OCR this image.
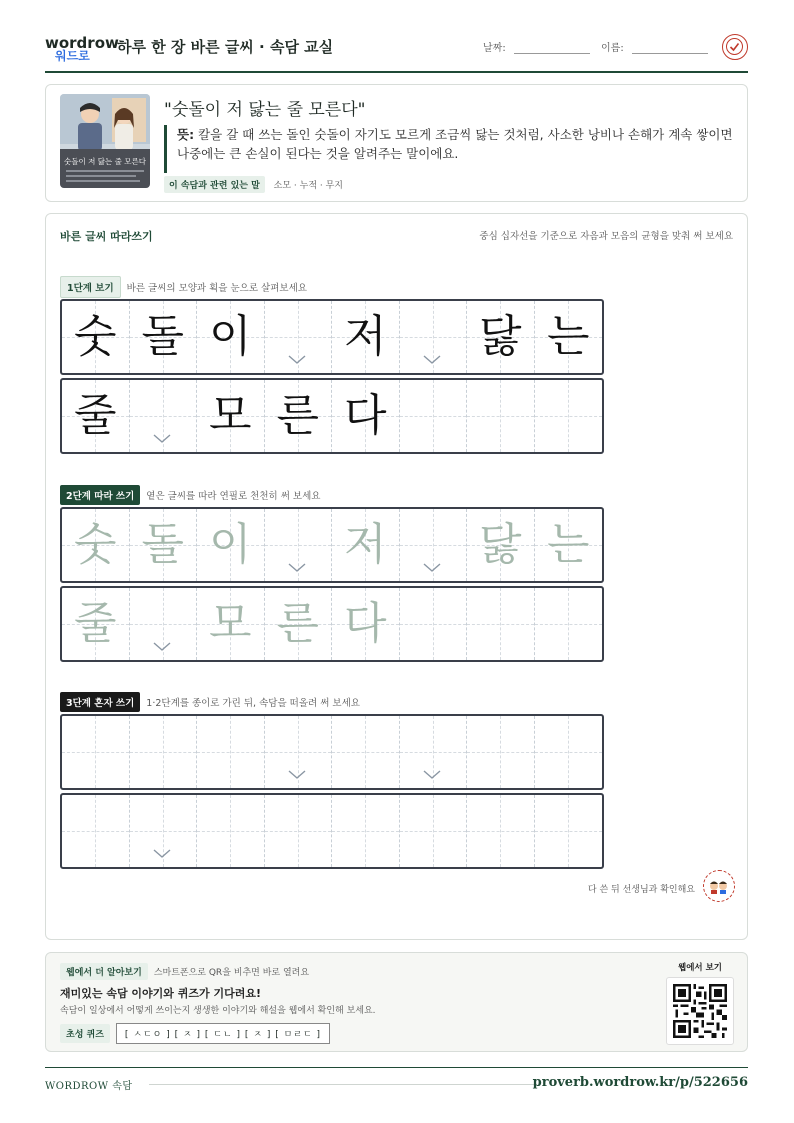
wordrow
워드로 하루 한 장 바른 글씨 · 속담 교실	날짜:	이름:
숫돌이 저 닳는 줄 모른다
"숫돌이 저 닳는 줄 모른다"
뜻: 칼을 갈 때 쓰는 돌인 숫돌이 자기도 모르게 조금씩 닳는 것처럼, 사소한 낭비나 손해가 계속 쌓이면 나중에는 큰 손실이 된다는 것을 알려주는 말이에요.
이 속담과 관련 있는 말 소모 · 누적 · 무지
바른 글씨 따라쓰기	중심 십자선을 기준으로 자음과 모음의 균형을 맞춰 써 보세요
1단계 보기 바른 글씨의 모양과 획을 눈으로 살펴보세요
2단계 따라 쓰기 옅은 글씨를 따라 연필로 천천히 써 보세요
3단계 혼자 쓰기 1·2단계를 종이로 가린 뒤, 속담을 떠올려 써 보세요
다 쓴 뒤 선생님과 확인해요
숫 돌 이 저 닳 는
줄 모 른 다
숫 돌 이 저 닳 는
줄 모 른 다
웹에서 더 알아보기 스마트폰으로 QR을 비추면 바로 열려요
재미있는 속담 이야기와 퀴즈가 기다려요!
속담이 일상에서 어떻게 쓰이는지 생생한 이야기와 해설을 웹에서 확인해 보세요.
초성 퀴즈 [ ㅅㄷㅇ ] [ ㅈ ] [ ㄷㄴ ] [ ㅈ ] [ ㅁㄹㄷ ]
웹에서 보기
WORDROW 속담	proverb.wordrow.kr/p/522656
